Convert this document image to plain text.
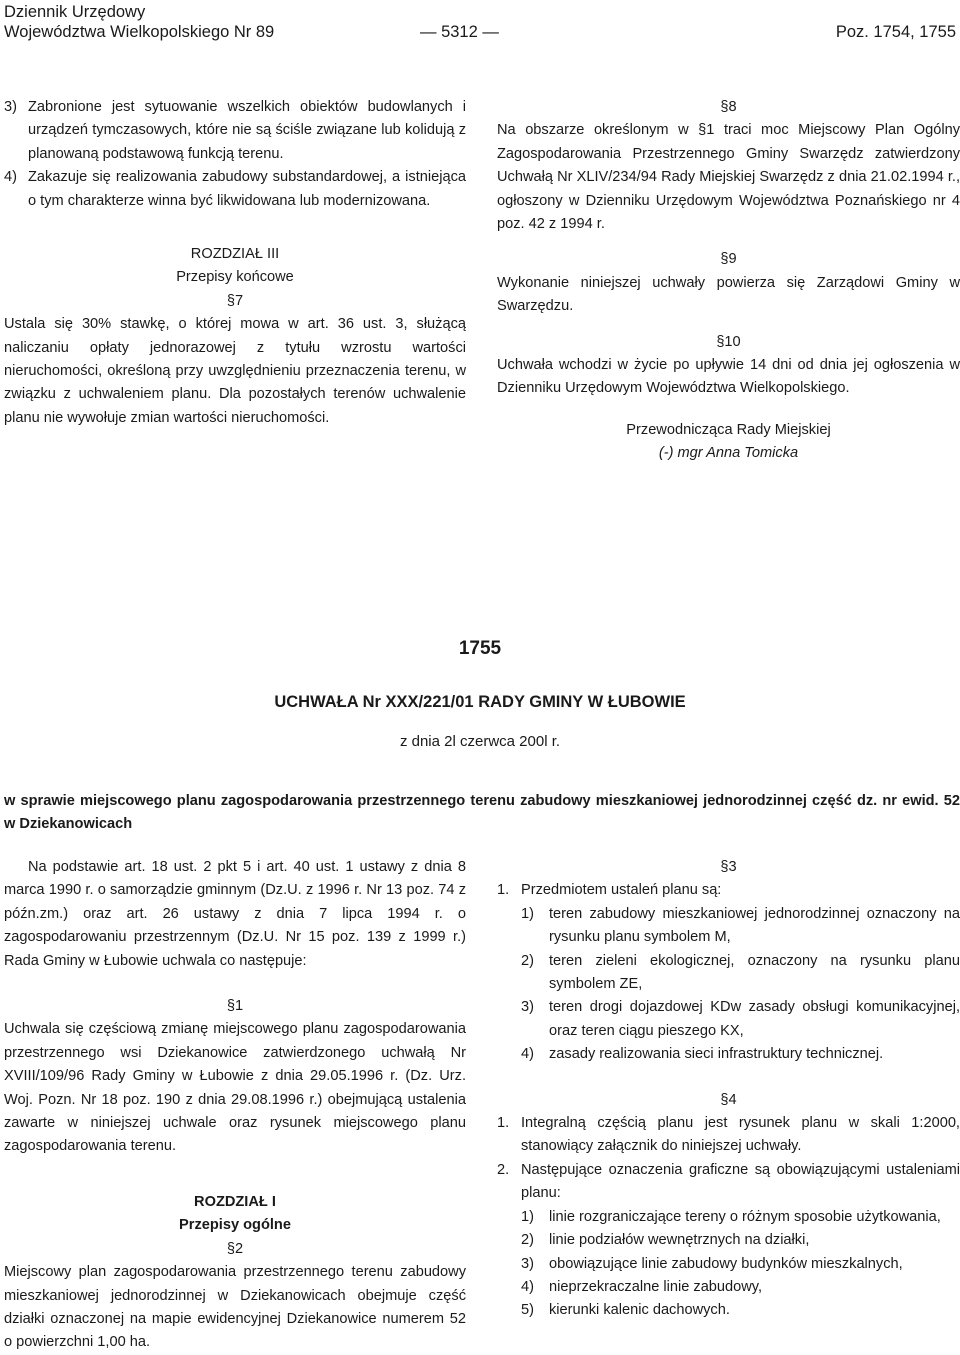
Dziennik Urzędowy
Województwa Wielkopolskiego Nr 89	— 5312 —	Poz. 1754, 1755
3) Zabronione jest sytuowanie wszelkich obiektów budowlanych i urządzeń tymczasowych, które nie są ściśle związane lub kolidują z planowaną podstawową funkcją terenu.
4) Zakazuje się realizowania zabudowy substandardowej, a istniejąca o tym charakterze winna być likwidowana lub modernizowana.

ROZDZIAŁ III

Przepisy końcowe

§7

Ustala się 30% stawkę, o której mowa w art. 36 ust. 3, służącą naliczaniu opłaty jednorazowej z tytułu wzrostu wartości nieruchomości, określoną przy uwzględnieniu przeznaczenia terenu, w związku z uchwaleniem planu. Dla pozostałych terenów uchwalenie planu nie wywołuje zmian wartości nieruchomości.

§8

Na obszarze określonym w §1 traci moc Miejscowy Plan Ogólny Zagospodarowania Przestrzennego Gminy Swarzędz zatwierdzony Uchwałą Nr XLIV/234/94 Rady Miejskiej Swarzędz z dnia 21.02.1994 r., ogłoszony w Dzienniku Urzędowym Województwa Poznańskiego nr 4 poz. 42 z 1994 r.

§9

Wykonanie niniejszej uchwały powierza się Zarządowi Gminy w Swarzędzu.

§10

Uchwała wchodzi w życie po upływie 14 dni od dnia jej ogłoszenia w Dzienniku Urzędowym Województwa Wielkopolskiego.

Przewodnicząca Rady Miejskiej

(-) mgr Anna Tomicka

1755
UCHWAŁA Nr XXX/221/01 RADY GMINY W ŁUBOWIE
z dnia 2l czerwca 200l r.
w sprawie miejscowego planu zagospodarowania przestrzennego terenu zabudowy mieszkaniowej jednorodzinnej część dz. nr ewid. 52 w Dziekanowicach

Na podstawie art. 18 ust. 2 pkt 5 i art. 40 ust. 1 ustawy z dnia 8 marca 1990 r. o samorządzie gminnym (Dz.U. z 1996 r. Nr 13 poz. 74 z późn.zm.) oraz art. 26 ustawy z dnia 7 lipca 1994 r. o zagospodarowaniu przestrzennym (Dz.U. Nr 15 poz. 139 z 1999 r.) Rada Gminy w Łubowie uchwala co następuje:

§1

Uchwala się częściową zmianę miejscowego planu zagospodarowania przestrzennego wsi Dziekanowice zatwierdzonego uchwałą Nr XVIII/109/96 Rady Gminy w Łubowie z dnia 29.05.1996 r. (Dz. Urz. Woj. Pozn. Nr 18 poz. 190 z dnia 29.08.1996 r.) obejmującą ustalenia zawarte w niniejszej uchwale oraz rysunek miejscowego planu zagospodarowania terenu.

ROZDZIAŁ I

Przepisy ogólne

§2

Miejscowy plan zagospodarowania przestrzennego terenu zabudowy mieszkaniowej jednorodzinnej w Dziekanowicach obejmuje część działki oznaczonej na mapie ewidencyjnej Dziekanowice numerem 52 o powierzchni 1,00 ha.

§3

1. Przedmiotem ustaleń planu są:
1)	teren zabudowy mieszkaniowej jednorodzinnej oznaczony na rysunku planu symbolem M,
2)	teren zieleni ekologicznej, oznaczony na rysunku planu symbolem ZE,
3)	teren drogi dojazdowej KDw zasady obsługi komunikacyjnej, oraz teren ciągu pieszego KX,
4)	zasady realizowania sieci infrastruktury technicznej.

§4

1. Integralną częścią planu jest rysunek planu w skali 1:2000, stanowiący załącznik do niniejszej uchwały.
2. Następujące oznaczenia graficzne są obowiązującymi ustaleniami planu:
1)	linie rozgraniczające tereny o różnym sposobie użytkowania,
2)	linie podziałów wewnętrznych na działki,
3)	obowiązujące linie zabudowy budynków mieszkalnych,
4)	nieprzekraczalne linie zabudowy,
5)	kierunki kalenic dachowych.
